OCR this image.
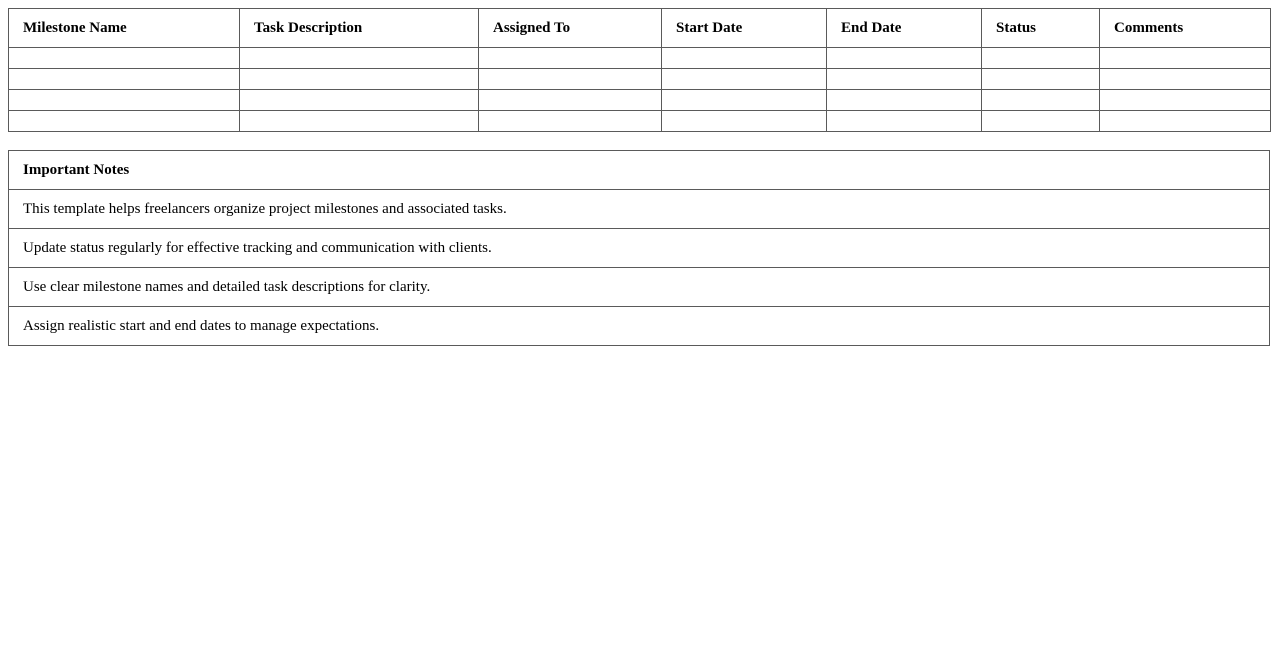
Milestone Name	Task Description	Assigned To	Start Date	End Date	Status	Comments

Important Notes
This template helps freelancers organize project milestones and associated tasks.
Update status regularly for effective tracking and communication with clients.
Use clear milestone names and detailed task descriptions for clarity.
Assign realistic start and end dates to manage expectations.
